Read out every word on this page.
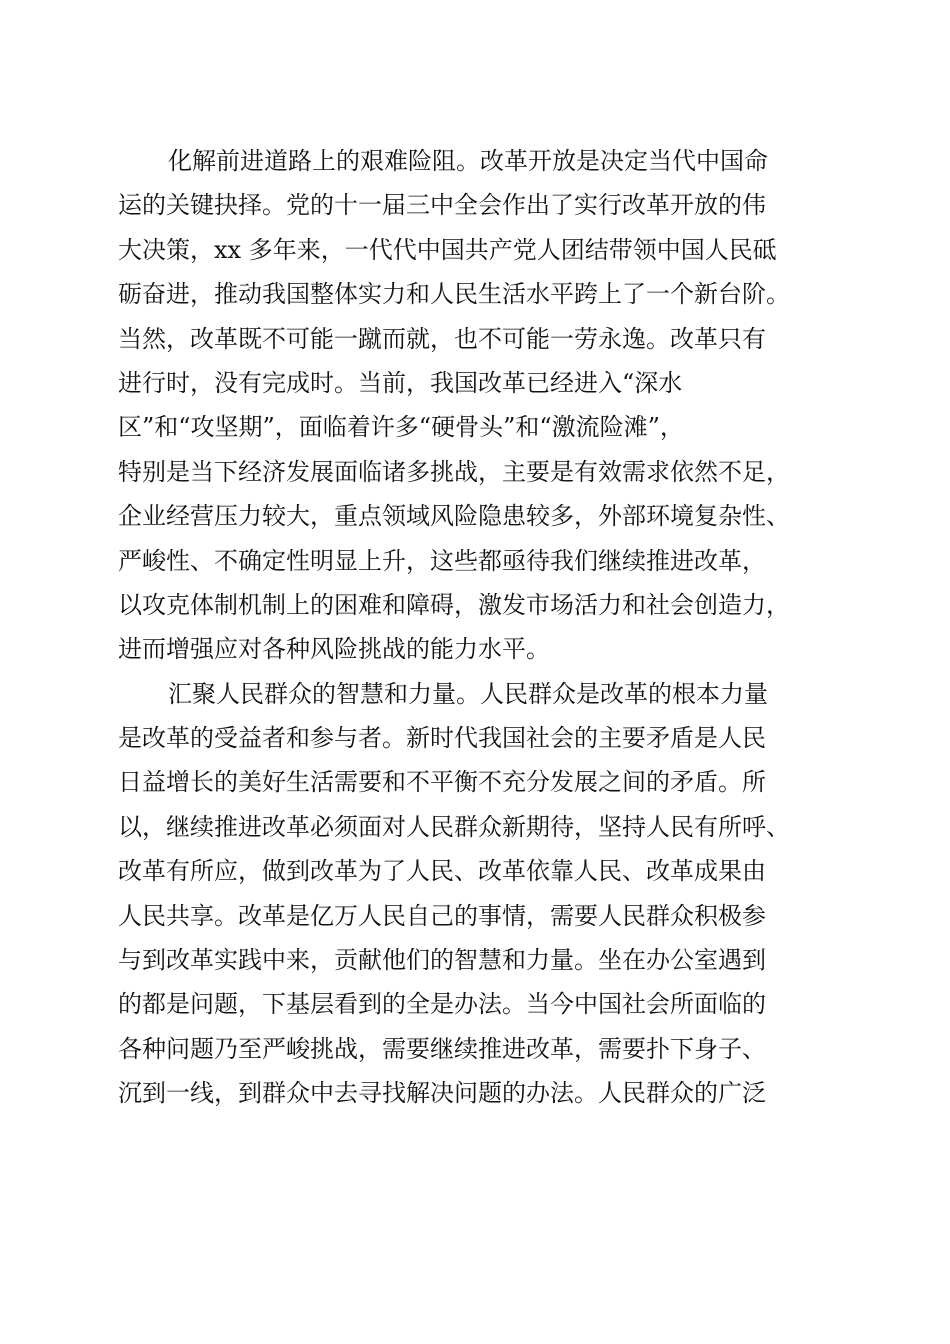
化解前进道路上的艰难险阻。改革开放是决定当代中国命
运的关键抉择。党的十一届三中全会作出了实行改革开放的伟
大决策，xx 多年来，一代代中国共产党人团结带领中国人民砥
砺奋进，推动我国整体实力和人民生活水平跨上了一个新台阶。
当然，改革既不可能一蹴而就，也不可能一劳永逸。改革只有
进行时，没有完成时。当前，我国改革已经进入“深水
区”和“攻坚期”，面临着许多“硬骨头”和“激流险滩”，
特别是当下经济发展面临诸多挑战，主要是有效需求依然不足，
企业经营压力较大，重点领域风险隐患较多，外部环境复杂性、
严峻性、不确定性明显上升，这些都亟待我们继续推进改革，
以攻克体制机制上的困难和障碍，激发市场活力和社会创造力，
进而增强应对各种风险挑战的能力水平。
汇聚人民群众的智慧和力量。人民群众是改革的根本力量
是改革的受益者和参与者。新时代我国社会的主要矛盾是人民
日益增长的美好生活需要和不平衡不充分发展之间的矛盾。所
以，继续推进改革必须面对人民群众新期待，坚持人民有所呼、
改革有所应，做到改革为了人民、改革依靠人民、改革成果由
人民共享。改革是亿万人民自己的事情，需要人民群众积极参
与到改革实践中来，贡献他们的智慧和力量。坐在办公室遇到
的都是问题，下基层看到的全是办法。当今中国社会所面临的
各种问题乃至严峻挑战，需要继续推进改革，需要扑下身子、
沉到一线，到群众中去寻找解决问题的办法。人民群众的广泛
